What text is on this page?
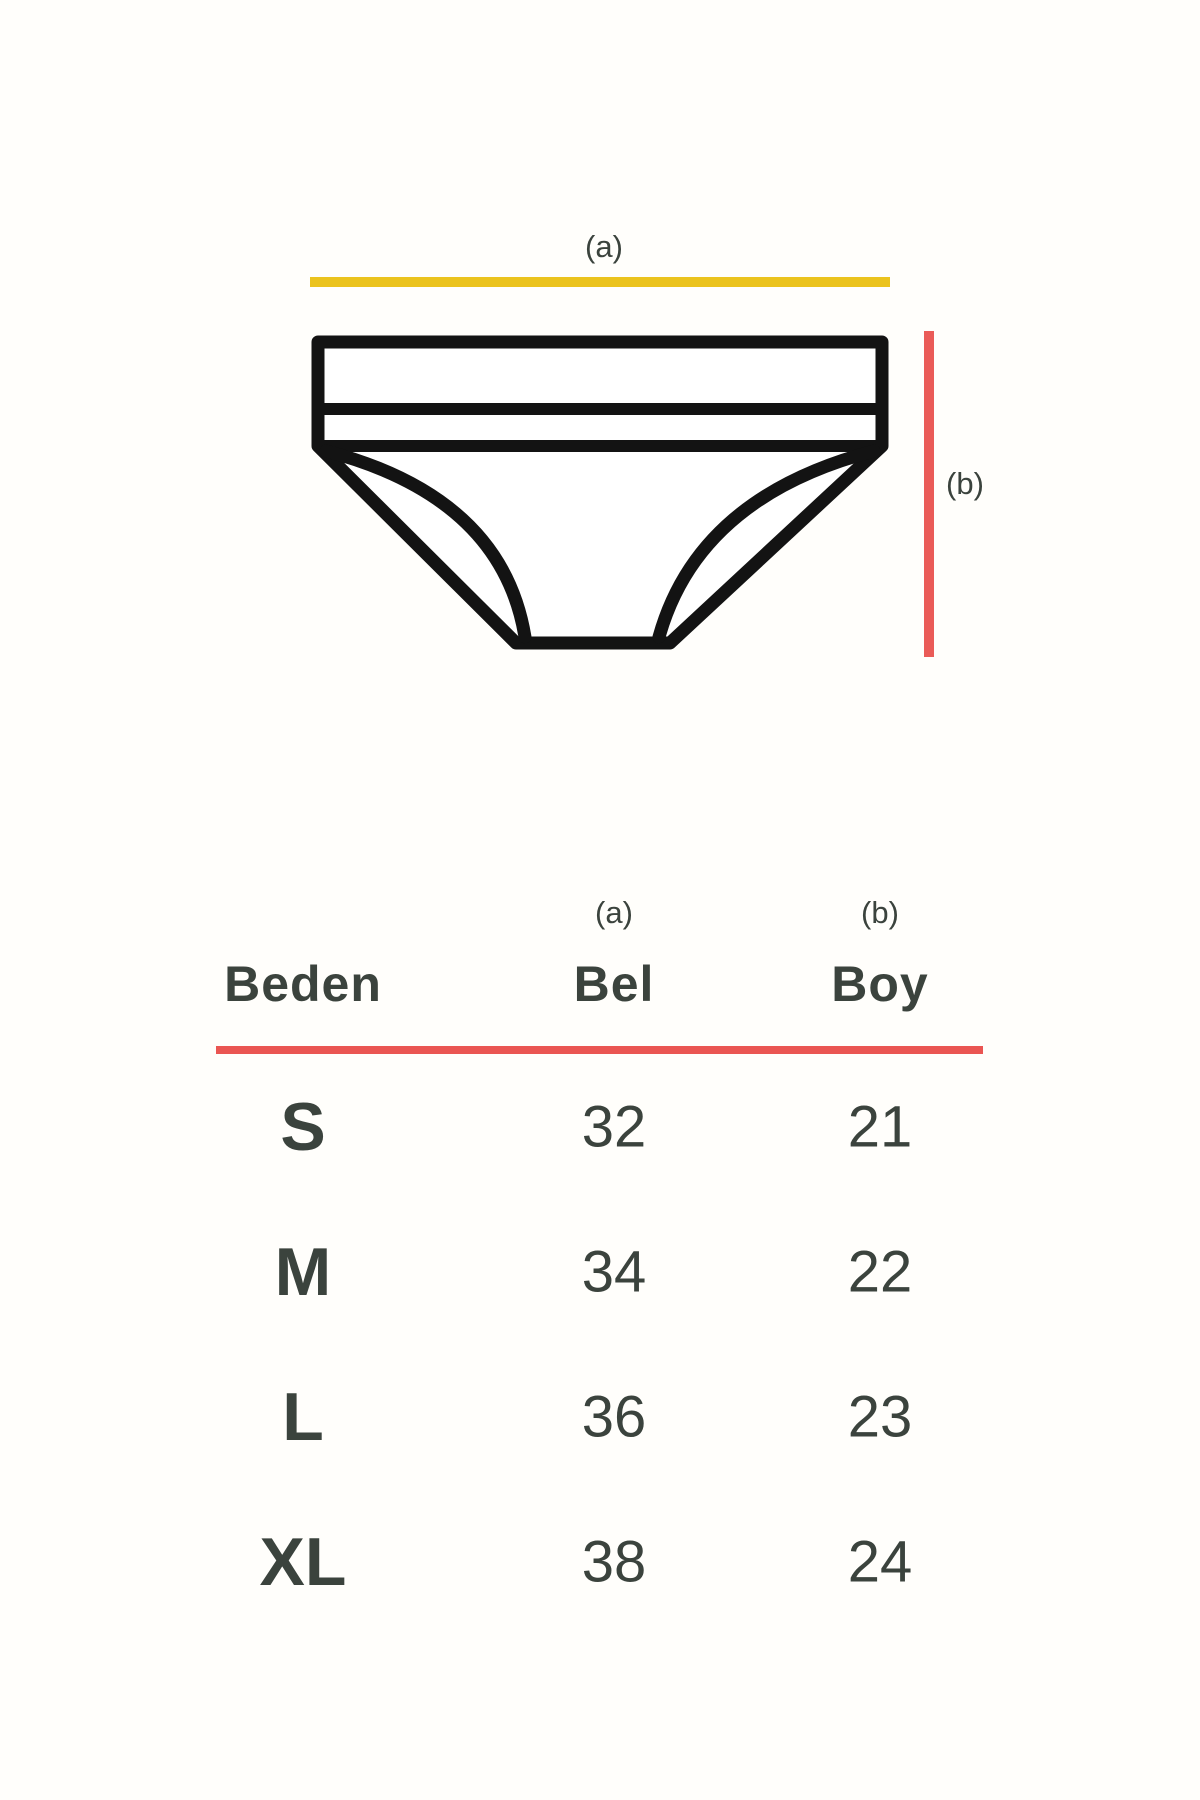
(a)
(b)
(a)	(b)
Beden	Bel	Boy
S	32	21
M	34	22
L	36	23
XL	38	24
